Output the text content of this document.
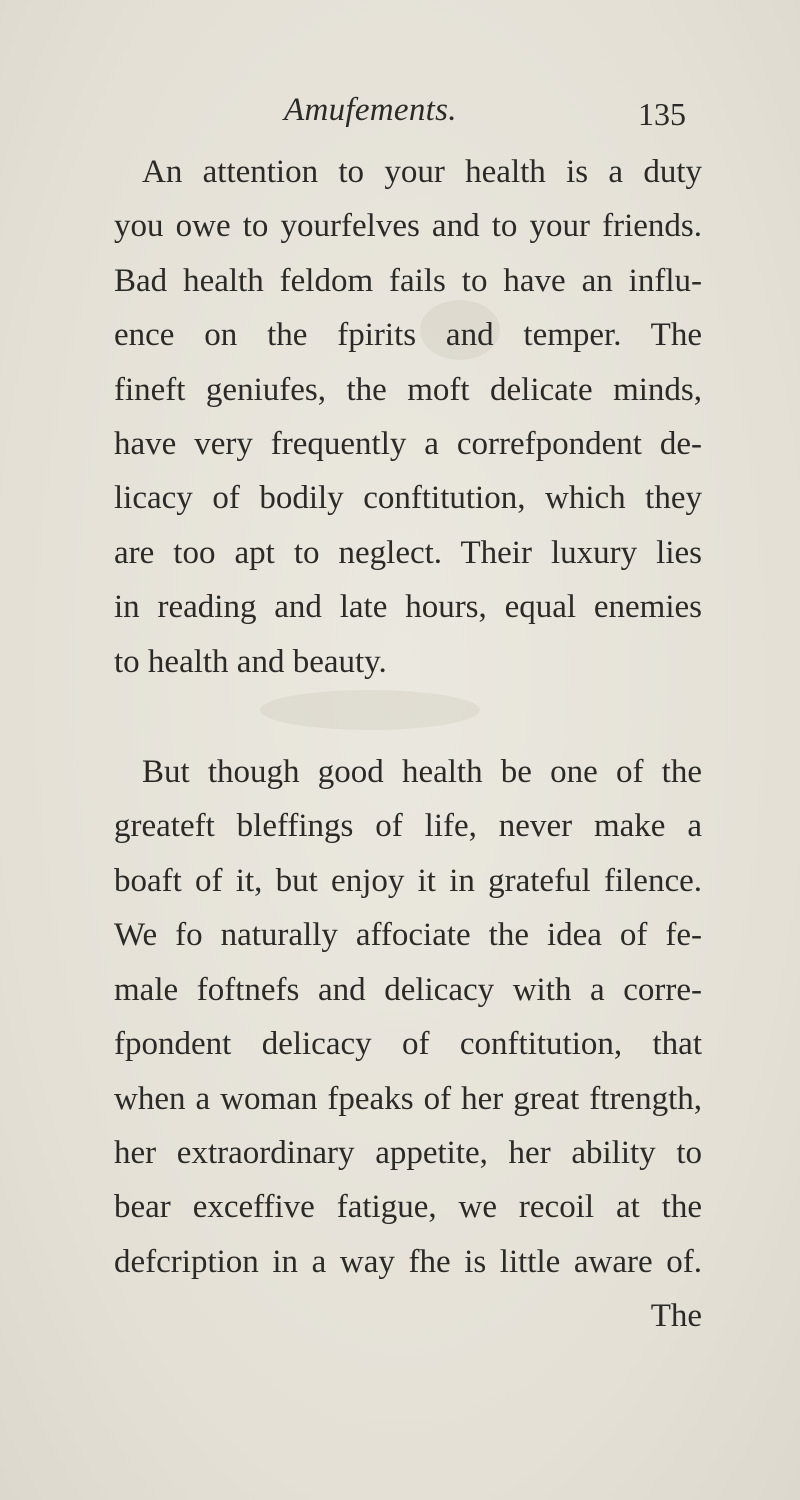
Amufements.	135
An attention to your health is a duty
you owe to yourfelves and to your friends.
Bad health feldom fails to have an influ-
ence on the fpirits and temper. The
fineft geniufes, the moft delicate minds,
have very frequently a correfpondent de-
licacy of bodily conftitution, which they
are too apt to neglect. Their luxury lies
in reading and late hours, equal enemies
to health and beauty.
But though good health be one of the
greateft bleffings of life, never make a
boaft of it, but enjoy it in grateful filence.
We fo naturally affociate the idea of fe-
male foftnefs and delicacy with a corre-
fpondent delicacy of conftitution, that
when a woman fpeaks of her great ftrength,
her extraordinary appetite, her ability to
bear exceffive fatigue, we recoil at the
defcription in a way fhe is little aware of.
The
